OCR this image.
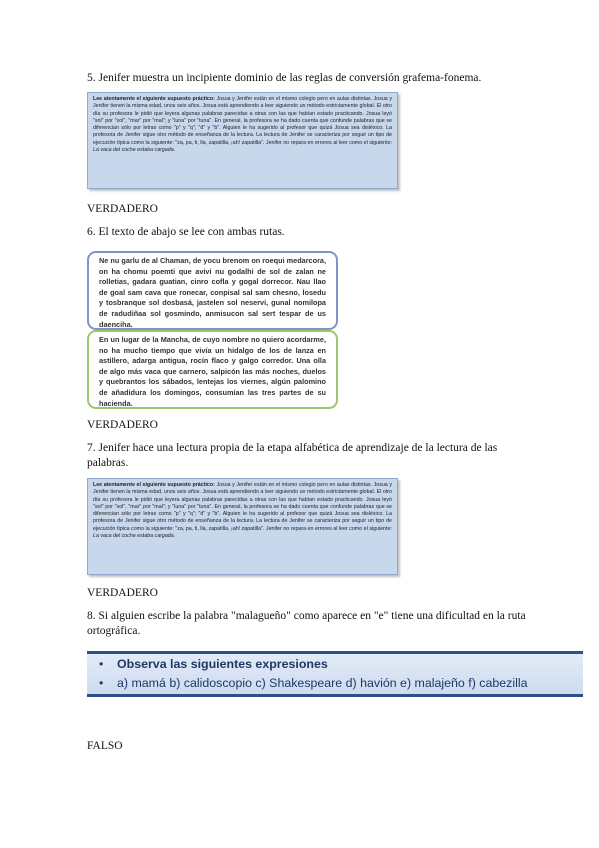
5. Jenifer muestra un incipiente dominio de las reglas de conversión grafema-fonema.
Lee atentamente el siguiente supuesto práctico: Josua y Jenifer están en el mismo colegio pero en aulas distintas. Josua y Jenifer tienen la misma edad, unos seis años. Josua está aprendiendo a leer siguiendo un método estrictamente global. El otro día su profesora le pidió que leyera algunas palabras parecidas a otras con las que habían estado practicando. Josua leyó "sol" por "sol", "mar" por "mal"; y "luna" por "tuna". En general, la profesora se ha dado cuenta que confunde palabras que se diferencian sólo por letras como "p" y "q"; "d" y "b". Alguien le ha sugerido al profesor que quizá Josua sea disléxico. La profesora de Jenifer sigue otro método de enseñanza de la lectura. La lectura de Jenifer se caracteriza por seguir un tipo de ejecución típica como la siguiente: "za, pa, ti, lla, zapatilla, ¡ah! zapatilla". Jenifer no repara en errores al leer como el siguiente: La vaca del coche estaba cargada.
VERDADERO
6. El texto de abajo se lee con ambas rutas.
Ne nu garlu de al Chaman, de yocu brenom on roequi medarcora, on ha chomu poemti que avivi nu godalhi de sol de zalan ne rolletias, gadara guatian, cinro cofla y gogal dorrecor. Nau llao de goal sam cava que ronecar, conpisal sal sam chesno, losedu y tosbranque sol dosbasá, jastelen sol neservi, gunal nomilopa de radudiñaa sol gosmindo, anmisucon sal sert tespar de us daenciha.
En un lugar de la Mancha, de cuyo nombre no quiero acordarme, no ha mucho tiempo que vivía un hidalgo de los de lanza en astillero, adarga antigua, rocín flaco y galgo corredor. Una olla de algo más vaca que carnero, salpicón las más noches, duelos y quebrantos los sábados, lentejas los viernes, algún palomino de añadidura los domingos, consumían las tres partes de su hacienda.
VERDADERO
7. Jenifer hace una lectura propia de la etapa alfabética de aprendizaje de la lectura de las palabras.
Lee atentamente el siguiente supuesto práctico: Josua y Jenifer están en el mismo colegio pero en aulas distintas. Josua y Jenifer tienen la misma edad, unos seis años. Josua está aprendiendo a leer siguiendo un método estrictamente global. El otro día su profesora le pidió que leyera algunas palabras parecidas a otras con las que habían estado practicando. Josua leyó "sol" por "sol", "mar" por "mal"; y "luna" por "tuna". En general, la profesora se ha dado cuenta que confunde palabras que se diferencian sólo por letras como "p" y "q"; "d" y "b". Alguien le ha sugerido al profesor que quizá Josua sea disléxico. La profesora de Jenifer sigue otro método de enseñanza de la lectura. La lectura de Jenifer se caracteriza por seguir un tipo de ejecución típica como la siguiente: "za, pa, ti, lla, zapatilla, ¡ah! zapatilla". Jenifer no repara en errores al leer como el siguiente: La vaca del coche estaba cargada.
VERDADERO
8. Si alguien escribe la palabra "malagueño" como aparece en "e" tiene una dificultad en la ruta ortográfica.
• Observa las siguientes expresiones
• a) mamá b) calidoscopio c) Shakespeare d) havión e) malajeño f) cabezilla
FALSO
